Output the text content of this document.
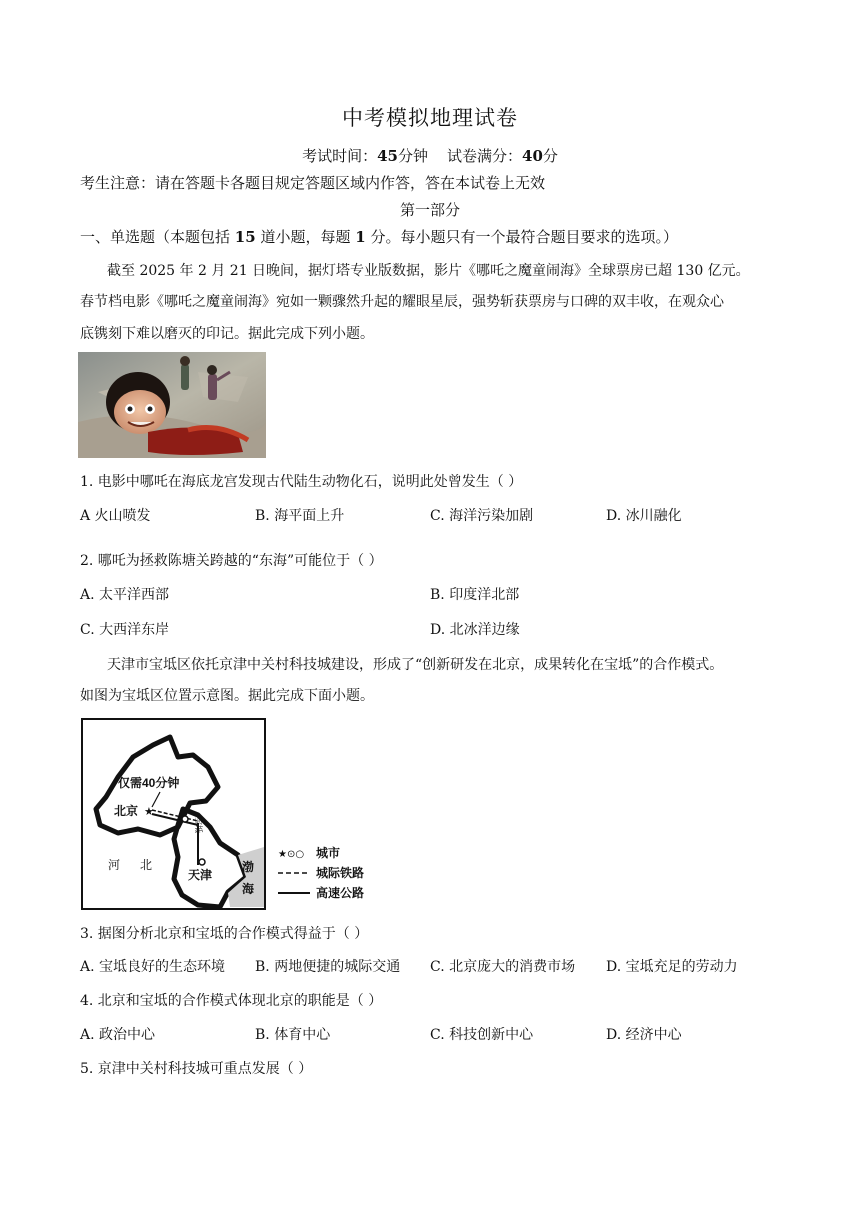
中考模拟地理试卷
考试时间：45分钟    试卷满分：40分
考生注意：请在答题卡各题目规定答题区域内作答，答在本试卷上无效
第一部分
一、单选题（本题包括 15 道小题，每题 1 分。每小题只有一个最符合题目要求的选项。）
截至 2025 年 2 月 21 日晚间，据灯塔专业版数据，影片《哪吒之魔童闹海》全球票房已超 130 亿元。
春节档电影《哪吒之魔童闹海》宛如一颗骤然升起的耀眼星辰，强势斩获票房与口碑的双丰收，在观众心
底镌刻下难以磨灭的印记。据此完成下列小题。
1. 电影中哪吒在海底龙宫发现古代陆生动物化石，说明此处曾发生（ ）
A 火山喷发	B. 海平面上升	C. 海洋污染加剧	D. 冰川融化
2. 哪吒为拯救陈塘关跨越的“东海”可能位于（ ）
A. 太平洋西部	B. 印度洋北部
C. 大西洋东岸	D. 北冰洋边缘
天津市宝坻区依托京津中关村科技城建设，形成了“创新研发在北京，成果转化在宝坻”的合作模式。
如图为宝坻区位置示意图。据此完成下面小题。
★
仅需40分钟
北京
宝坻
河 北
天津
渤
海
★⊙○ 城市
城际铁路
高速公路
3. 据图分析北京和宝坻的合作模式得益于（ ）
A. 宝坻良好的生态环境 B. 两地便捷的城际交通 C. 北京庞大的消费市场 D. 宝坻充足的劳动力
4. 北京和宝坻的合作模式体现北京的职能是（ ）
A. 政治中心	B. 体育中心	C. 科技创新中心	D. 经济中心
5. 京津中关村科技城可重点发展（ ）
